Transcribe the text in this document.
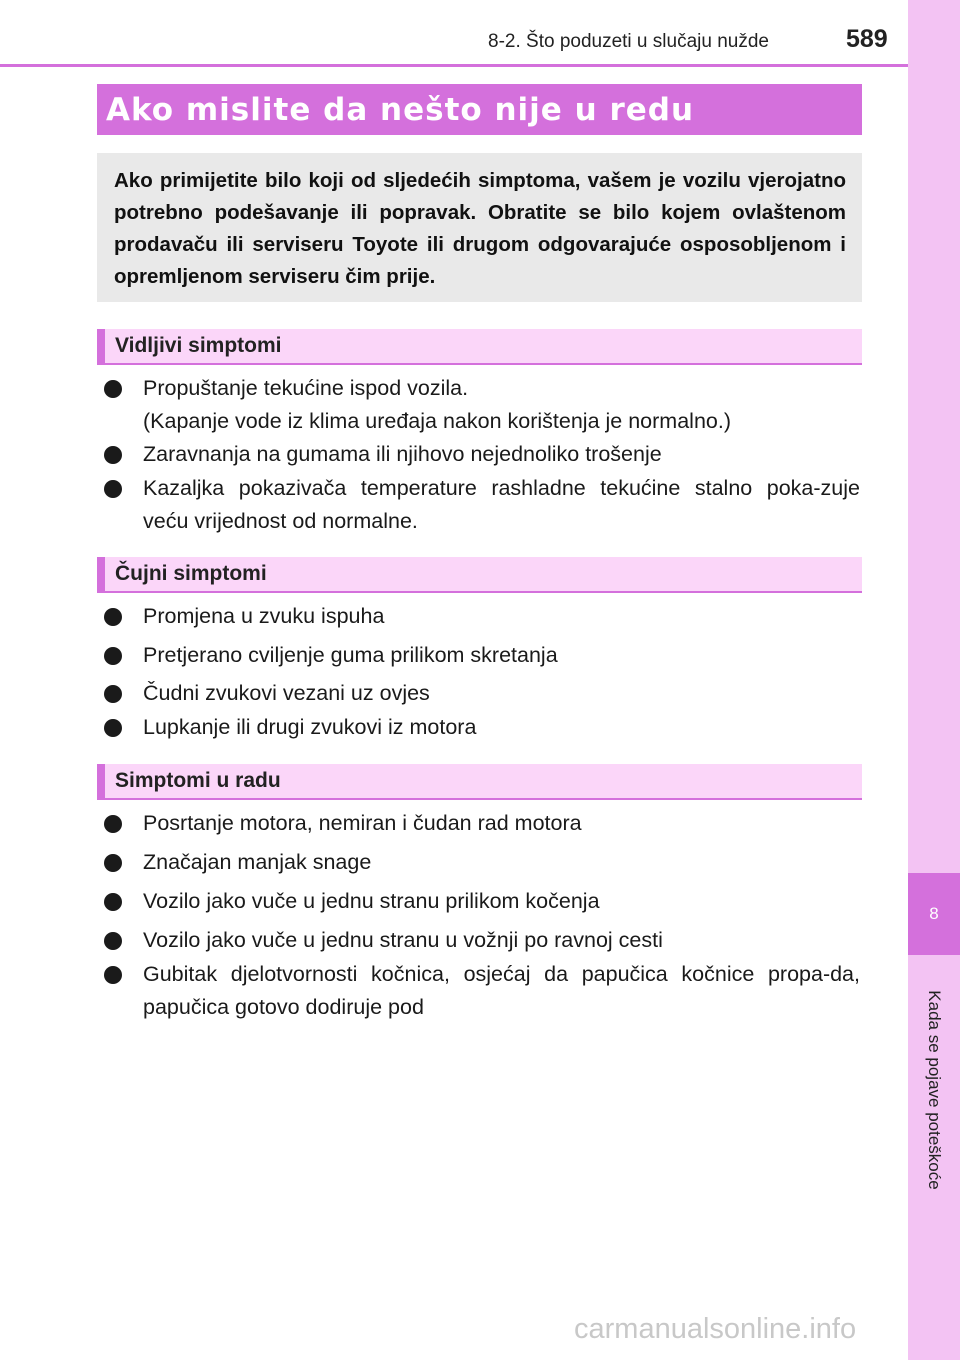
8
Kada se pojave poteškoće
8-2. Što poduzeti u slučaju nužde	589
Ako mislite da nešto nije u redu

Ako primijetite bilo koji od sljedećih simptoma, vašem je vozilu vjerojatno potrebno podešavanje ili popravak. Obratite se bilo kojem ovlaštenom prodavaču ili serviseru Toyote ili drugom odgovarajuće osposobljenom i opremljenom serviseru čim prije.

Vidljivi simptomi

Propuštanje tekućine ispod vozila.
(Kapanje vode iz klima uređaja nakon korištenja je normalno.)

Zaravnanja na gumama ili njihovo nejednoliko trošenje

Kazaljka pokazivača temperature rashladne tekućine stalno poka-zuje veću vrijednost od normalne.

Čujni simptomi

Promjena u zvuku ispuha

Pretjerano cviljenje guma prilikom skretanja

Čudni zvukovi vezani uz ovjes

Lupkanje ili drugi zvukovi iz motora

Simptomi u radu

Posrtanje motora, nemiran i čudan rad motora

Značajan manjak snage

Vozilo jako vuče u jednu stranu prilikom kočenja

Vozilo jako vuče u jednu stranu u vožnji po ravnoj cesti

Gubitak djelotvornosti kočnica, osjećaj da papučica kočnice propa-da, papučica gotovo dodiruje pod

carmanualsonline.info
